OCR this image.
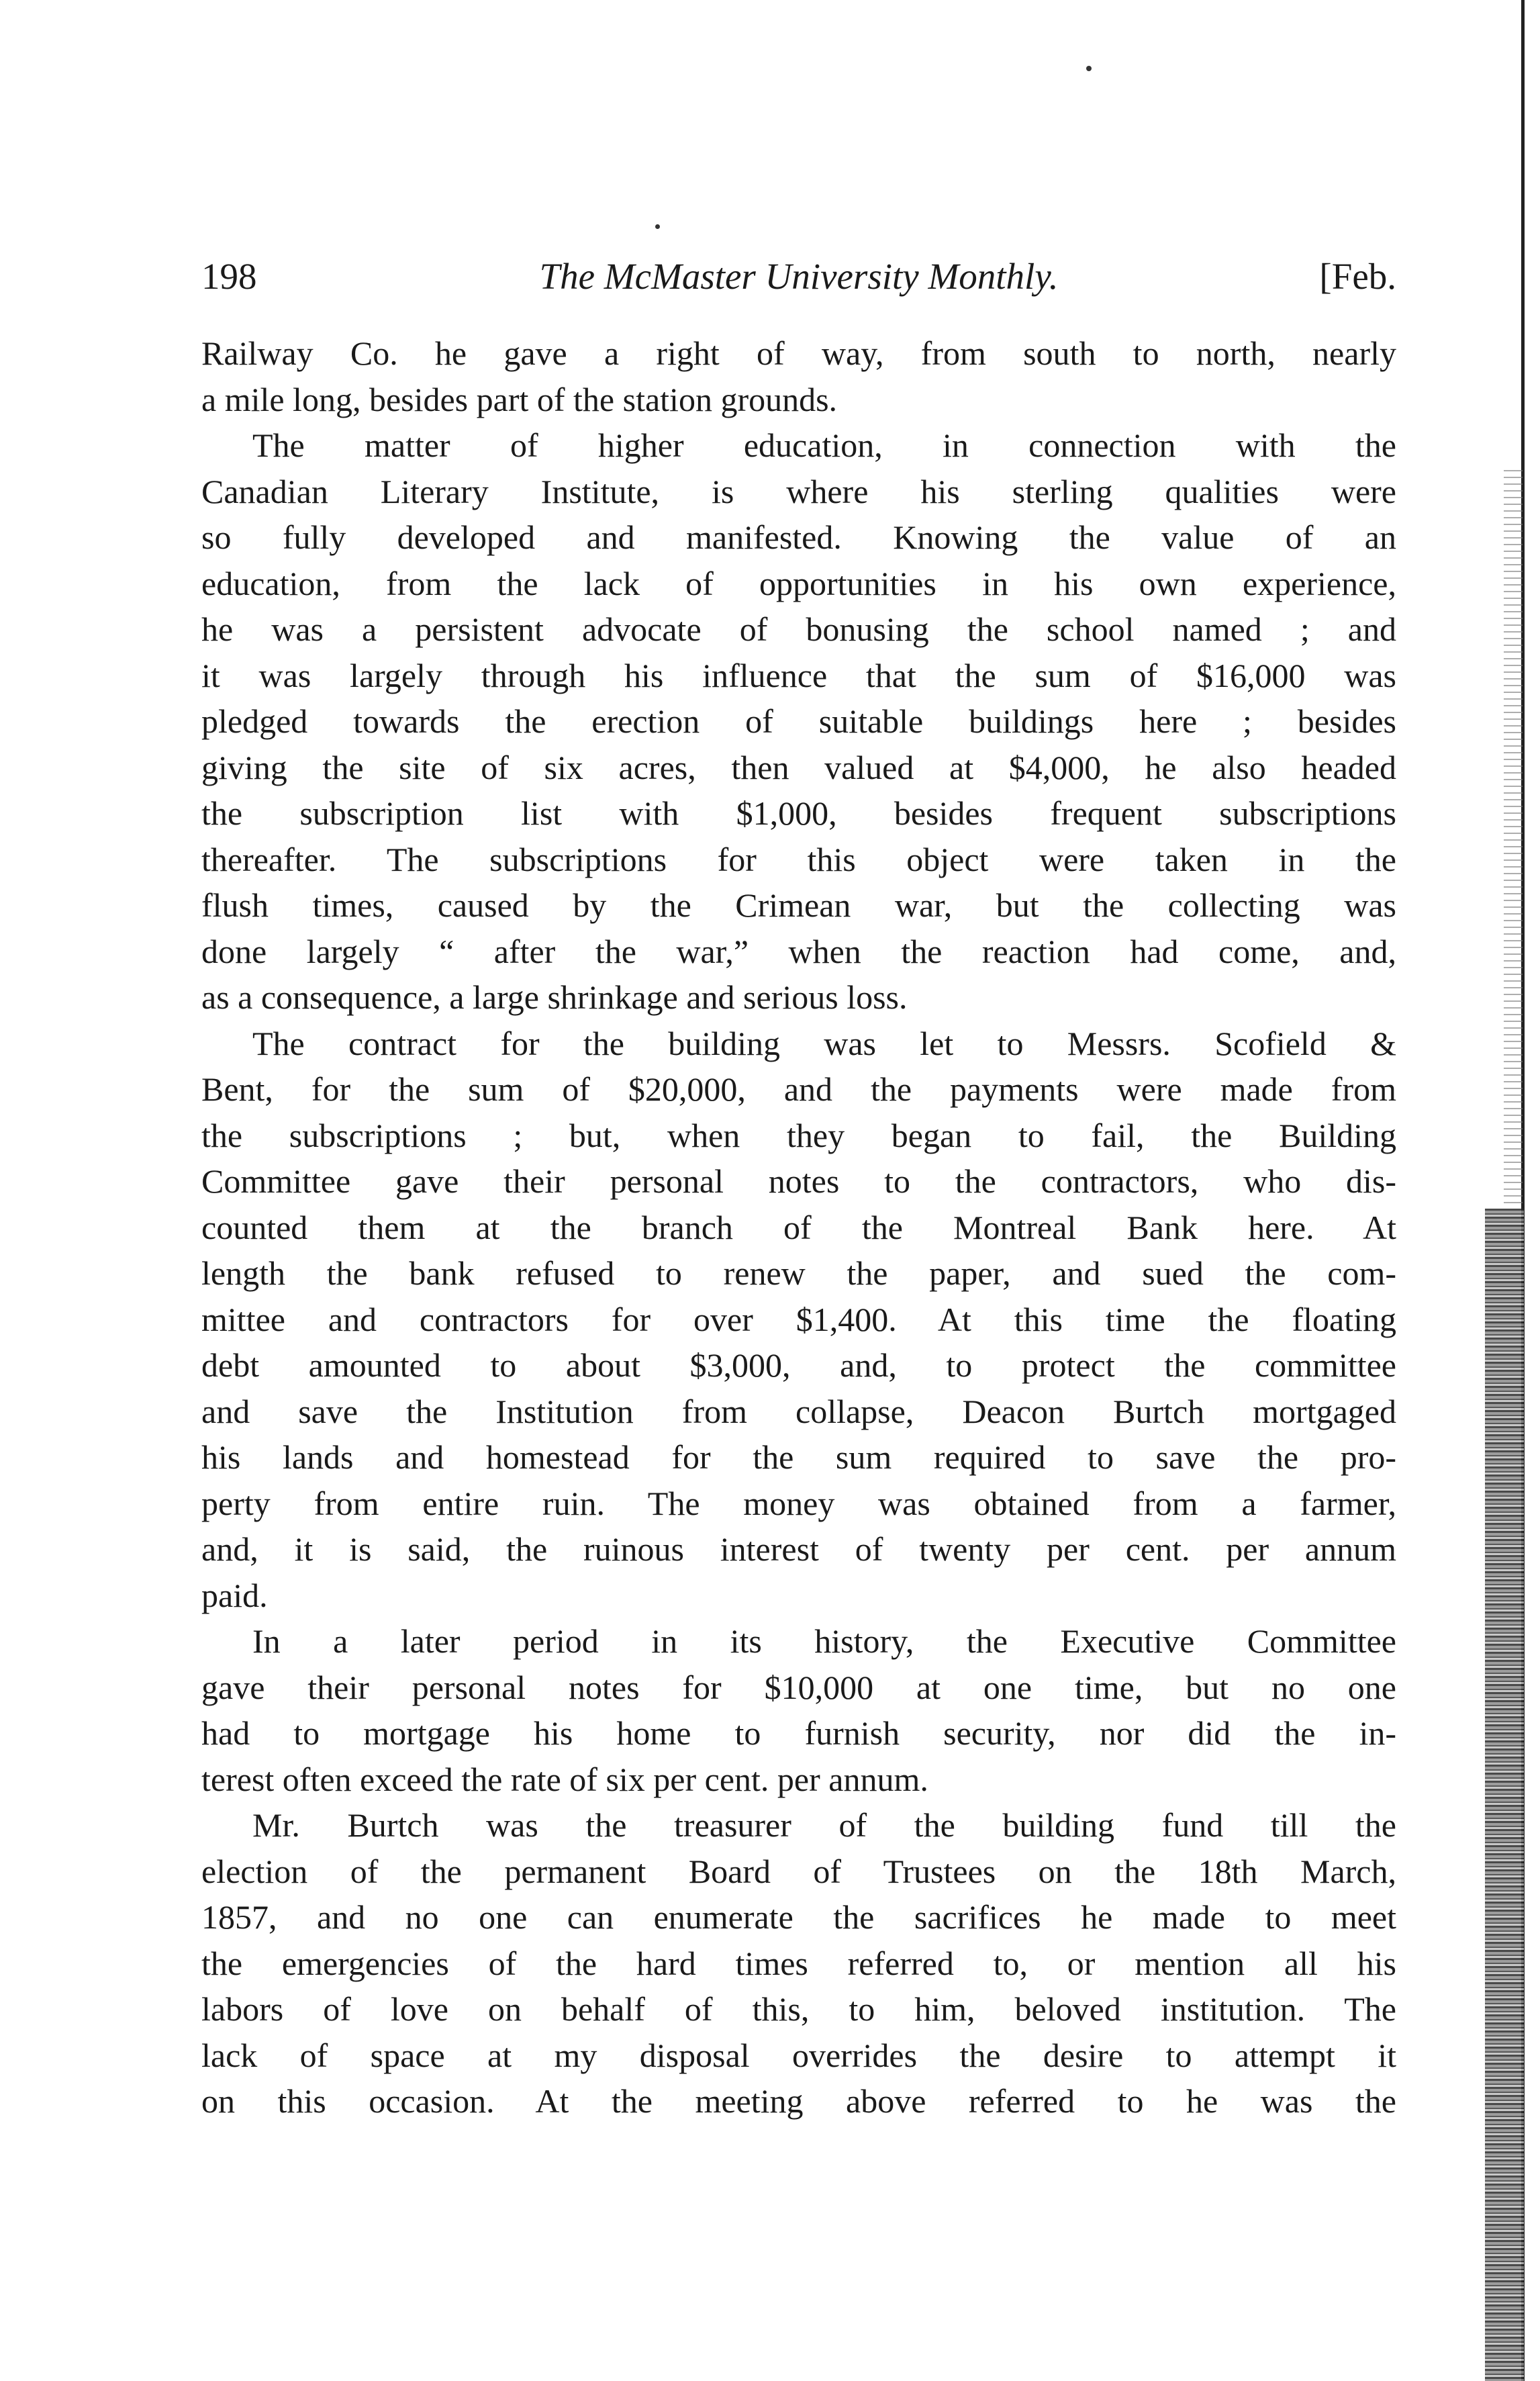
198	The McMaster University Monthly.	[Feb.

Railway Co. he gave a right of way, from south to north, nearly

a mile long, besides part of the station grounds.

The matter of higher education, in connection with the

Canadian Literary Institute, is where his sterling qualities were

so fully developed and manifested. Knowing the value of an

education, from the lack of opportunities in his own experience,

he was a persistent advocate of bonusing the school named ; and

it was largely through his influence that the sum of $16,000 was

pledged towards the erection of suitable buildings here ; besides

giving the site of six acres, then valued at $4,000, he also headed

the subscription list with $1,000, besides frequent subscriptions

thereafter. The subscriptions for this object were taken in the

flush times, caused by the Crimean war, but the collecting was

done largely “ after the war,” when the reaction had come, and,

as a consequence, a large shrinkage and serious loss.

The contract for the building was let to Messrs. Scofield &

Bent, for the sum of $20,000, and the payments were made from

the subscriptions ; but, when they began to fail, the Building

Committee gave their personal notes to the contractors, who dis-

counted them at the branch of the Montreal Bank here. At

length the bank refused to renew the paper, and sued the com-

mittee and contractors for over $1,400. At this time the floating

debt amounted to about $3,000, and, to protect the committee

and save the Institution from collapse, Deacon Burtch mortgaged

his lands and homestead for the sum required to save the pro-

perty from entire ruin. The money was obtained from a farmer,

and, it is said, the ruinous interest of twenty per cent. per annum

paid.

In a later period in its history, the Executive Committee

gave their personal notes for $10,000 at one time, but no one

had to mortgage his home to furnish security, nor did the in-

terest often exceed the rate of six per cent. per annum.

Mr. Burtch was the treasurer of the building fund till the

election of the permanent Board of Trustees on the 18th March,

1857, and no one can enumerate the sacrifices he made to meet

the emergencies of the hard times referred to, or mention all his

labors of love on behalf of this, to him, beloved institution. The

lack of space at my disposal overrides the desire to attempt it

on this occasion. At the meeting above referred to he was the
